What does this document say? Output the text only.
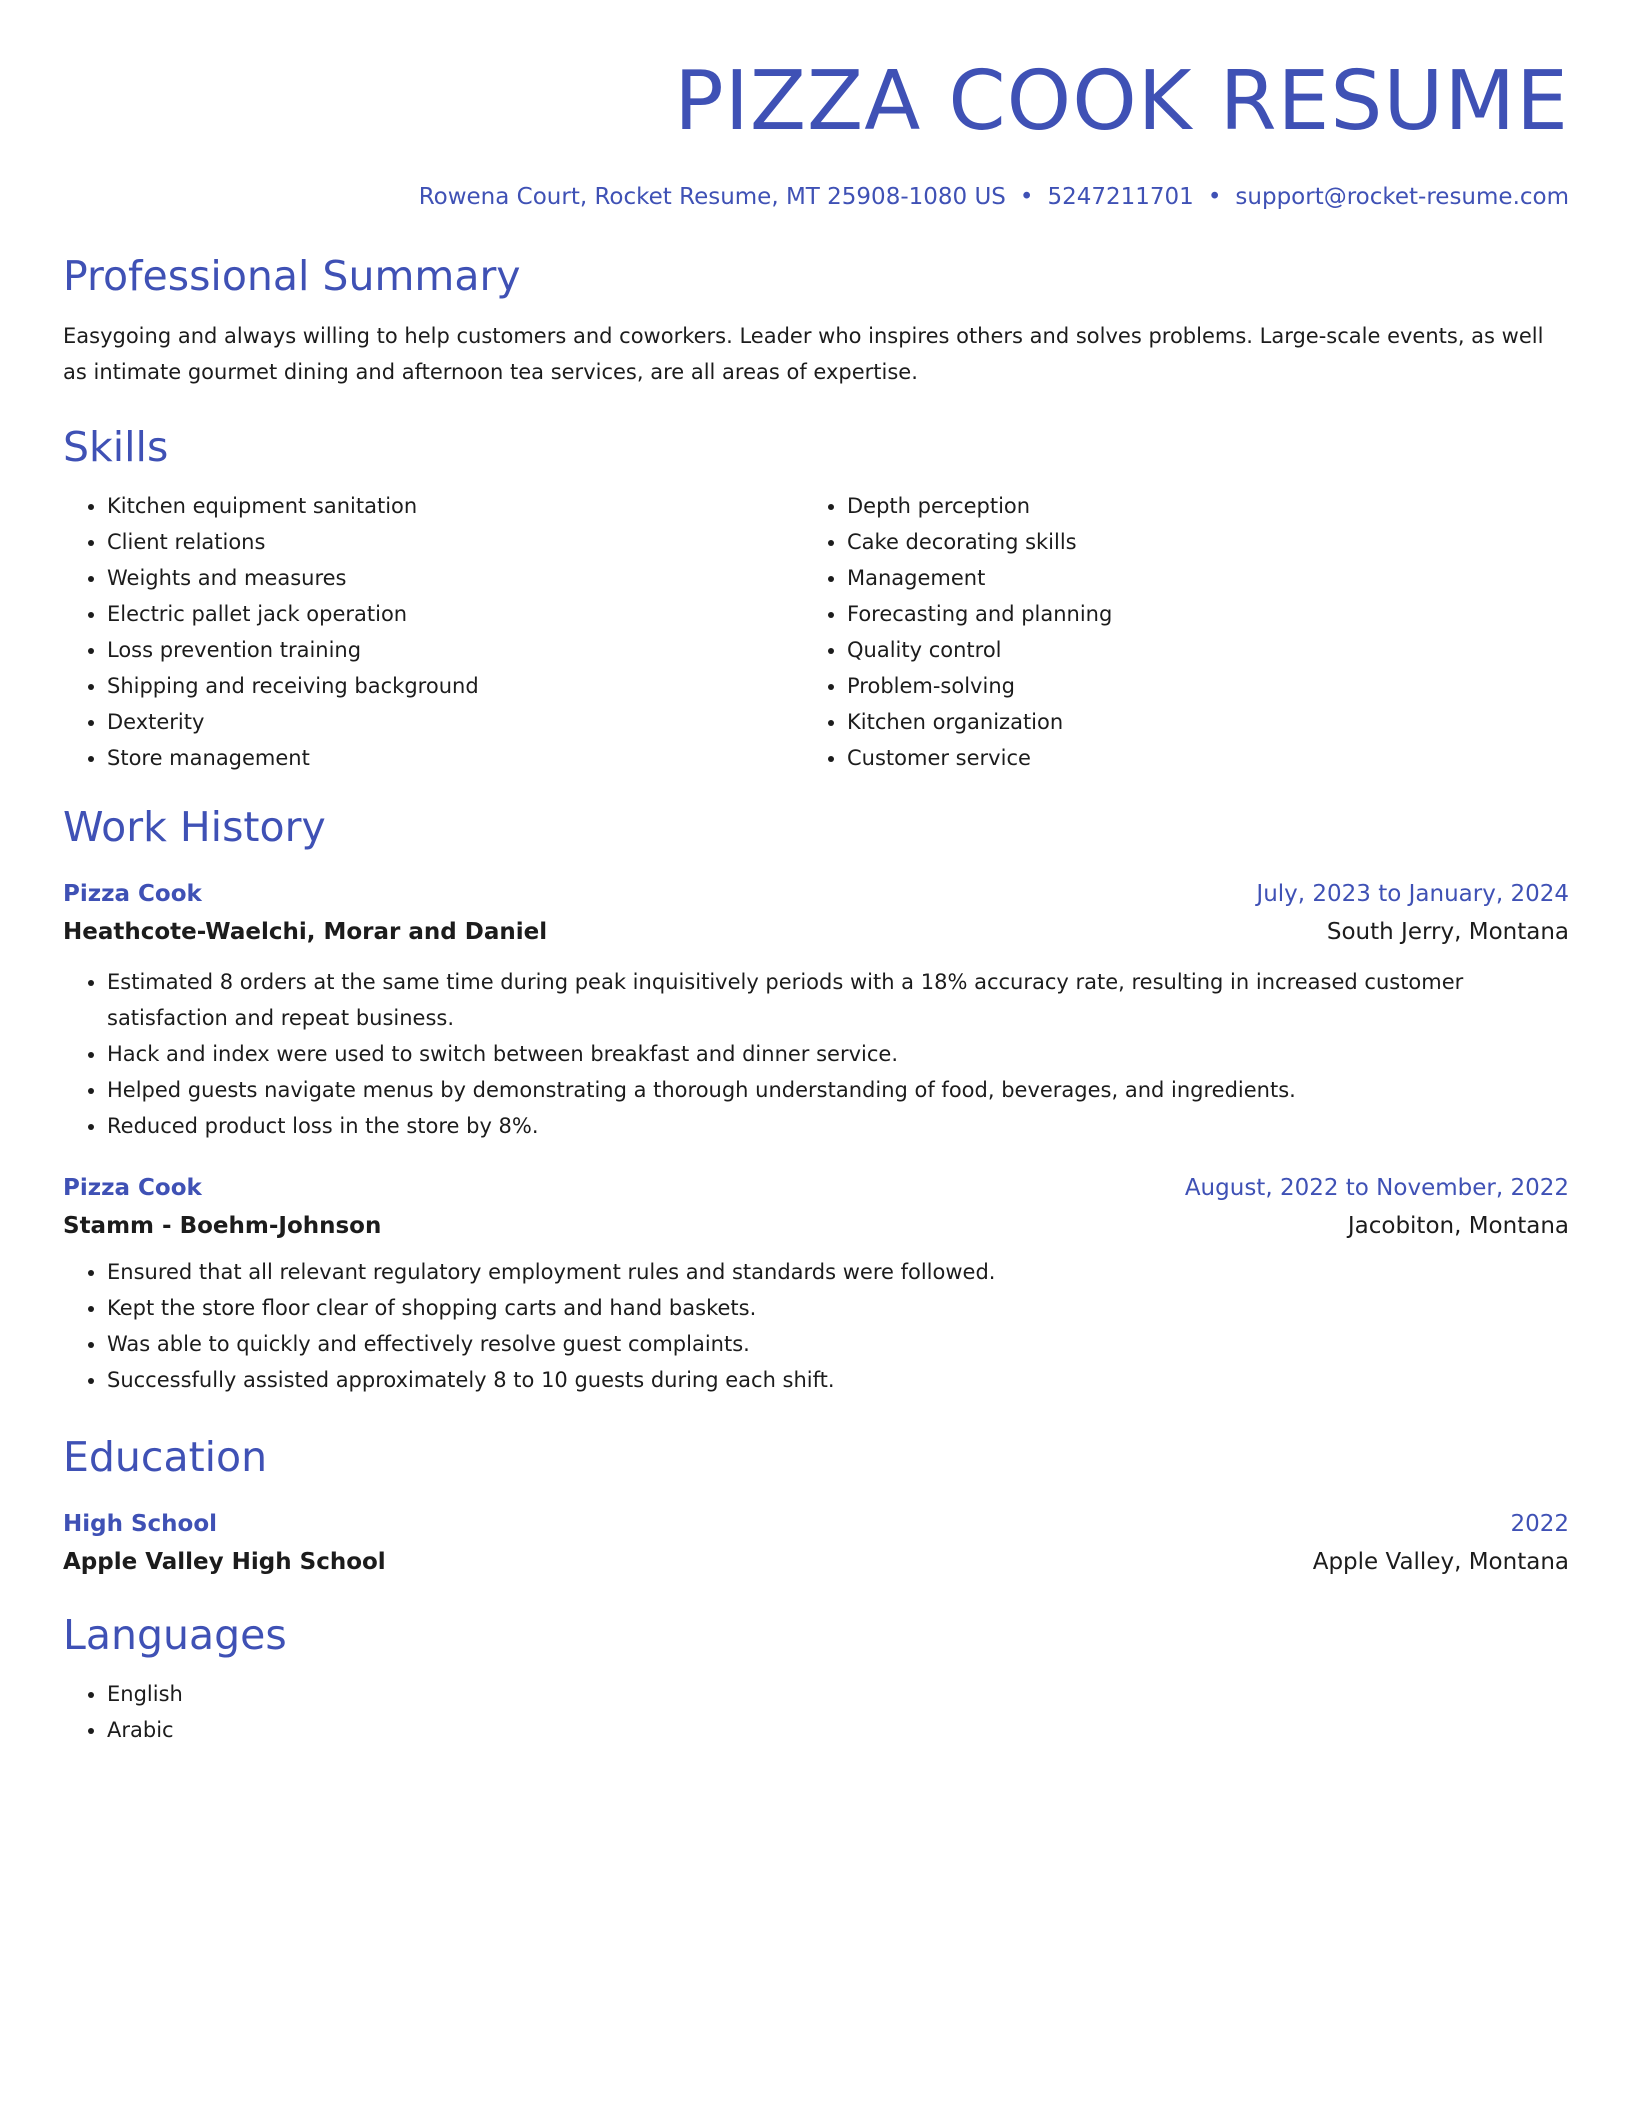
PIZZA COOK RESUME
Rowena Court, Rocket Resume, MT 25908-1080 US • 5247211701 • support@rocket-resume.com
Professional Summary
Easygoing and always willing to help customers and coworkers. Leader who inspires others and solves problems. Large-scale events, as well as intimate gourmet dining and afternoon tea services, are all areas of expertise.
Skills
• Kitchen equipment sanitation
• Client relations
• Weights and measures
• Electric pallet jack operation
• Loss prevention training
• Shipping and receiving background
• Dexterity
• Store management
• Depth perception
• Cake decorating skills
• Management
• Forecasting and planning
• Quality control
• Problem-solving
• Kitchen organization
• Customer service
Work History
Pizza Cook	July, 2023 to January, 2024
Heathcote-Waelchi, Morar and Daniel	South Jerry, Montana
• Estimated 8 orders at the same time during peak inquisitively periods with a 18% accuracy rate, resulting in increased customer satisfaction and repeat business.
• Hack and index were used to switch between breakfast and dinner service.
• Helped guests navigate menus by demonstrating a thorough understanding of food, beverages, and ingredients.
• Reduced product loss in the store by 8%.
Pizza Cook	August, 2022 to November, 2022
Stamm - Boehm-Johnson	Jacobiton, Montana
• Ensured that all relevant regulatory employment rules and standards were followed.
• Kept the store floor clear of shopping carts and hand baskets.
• Was able to quickly and effectively resolve guest complaints.
• Successfully assisted approximately 8 to 10 guests during each shift.
Education
High School	2022
Apple Valley High School	Apple Valley, Montana
Languages
• English
• Arabic
